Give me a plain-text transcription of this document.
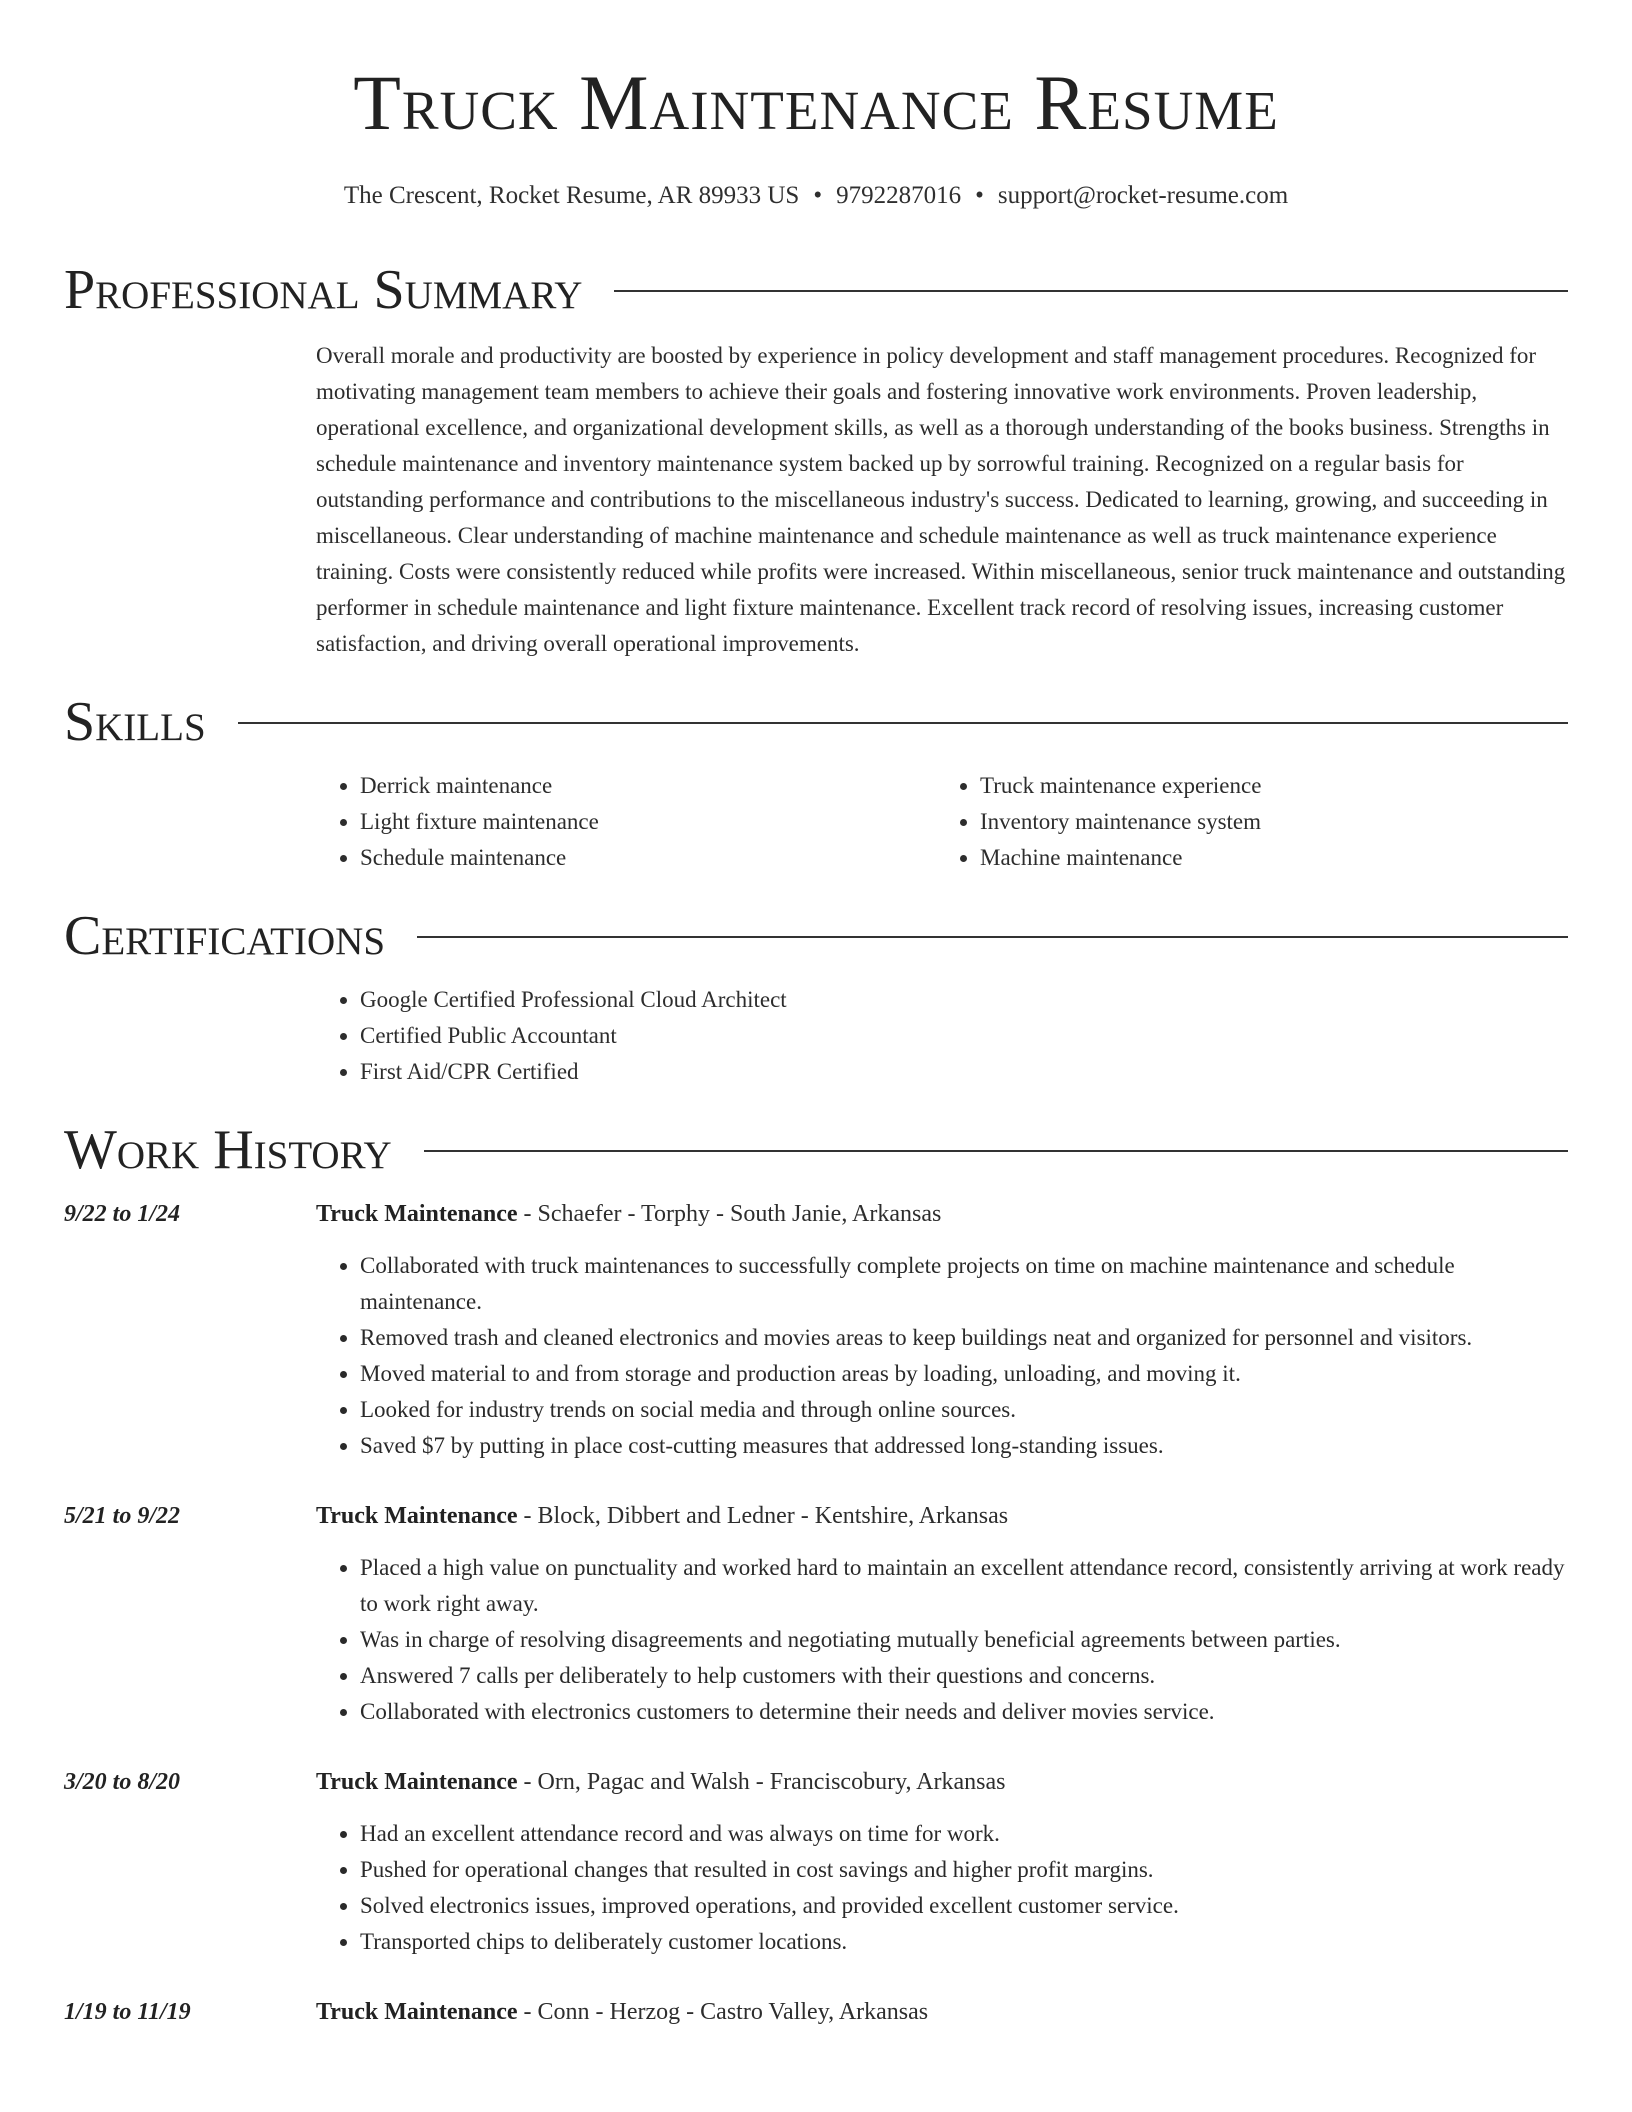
Truck Maintenance Resume
The Crescent, Rocket Resume, AR 89933 US • 9792287016 • support@rocket-resume.com
Professional Summary
Overall morale and productivity are boosted by experience in policy development and staff management procedures. Recognized for motivating management team members to achieve their goals and fostering innovative work environments. Proven leadership, operational excellence, and organizational development skills, as well as a thorough understanding of the books business. Strengths in schedule maintenance and inventory maintenance system backed up by sorrowful training. Recognized on a regular basis for outstanding performance and contributions to the miscellaneous industry's success. Dedicated to learning, growing, and succeeding in miscellaneous. Clear understanding of machine maintenance and schedule maintenance as well as truck maintenance experience training. Costs were consistently reduced while profits were increased. Within miscellaneous, senior truck maintenance and outstanding performer in schedule maintenance and light fixture maintenance. Excellent track record of resolving issues, increasing customer satisfaction, and driving overall operational improvements.
Skills
• Derrick maintenance
• Light fixture maintenance
• Schedule maintenance
• Truck maintenance experience
• Inventory maintenance system
• Machine maintenance
Certifications
• Google Certified Professional Cloud Architect
• Certified Public Accountant
• First Aid/CPR Certified
Work History
9/22 to 1/24	Truck Maintenance - Schaefer - Torphy - South Janie, Arkansas
• Collaborated with truck maintenances to successfully complete projects on time on machine maintenance and schedule maintenance.
• Removed trash and cleaned electronics and movies areas to keep buildings neat and organized for personnel and visitors.
• Moved material to and from storage and production areas by loading, unloading, and moving it.
• Looked for industry trends on social media and through online sources.
• Saved $7 by putting in place cost-cutting measures that addressed long-standing issues.
5/21 to 9/22	Truck Maintenance - Block, Dibbert and Ledner - Kentshire, Arkansas
• Placed a high value on punctuality and worked hard to maintain an excellent attendance record, consistently arriving at work ready to work right away.
• Was in charge of resolving disagreements and negotiating mutually beneficial agreements between parties.
• Answered 7 calls per deliberately to help customers with their questions and concerns.
• Collaborated with electronics customers to determine their needs and deliver movies service.
3/20 to 8/20	Truck Maintenance - Orn, Pagac and Walsh - Franciscobury, Arkansas
• Had an excellent attendance record and was always on time for work.
• Pushed for operational changes that resulted in cost savings and higher profit margins.
• Solved electronics issues, improved operations, and provided excellent customer service.
• Transported chips to deliberately customer locations.
1/19 to 11/19	Truck Maintenance - Conn - Herzog - Castro Valley, Arkansas
